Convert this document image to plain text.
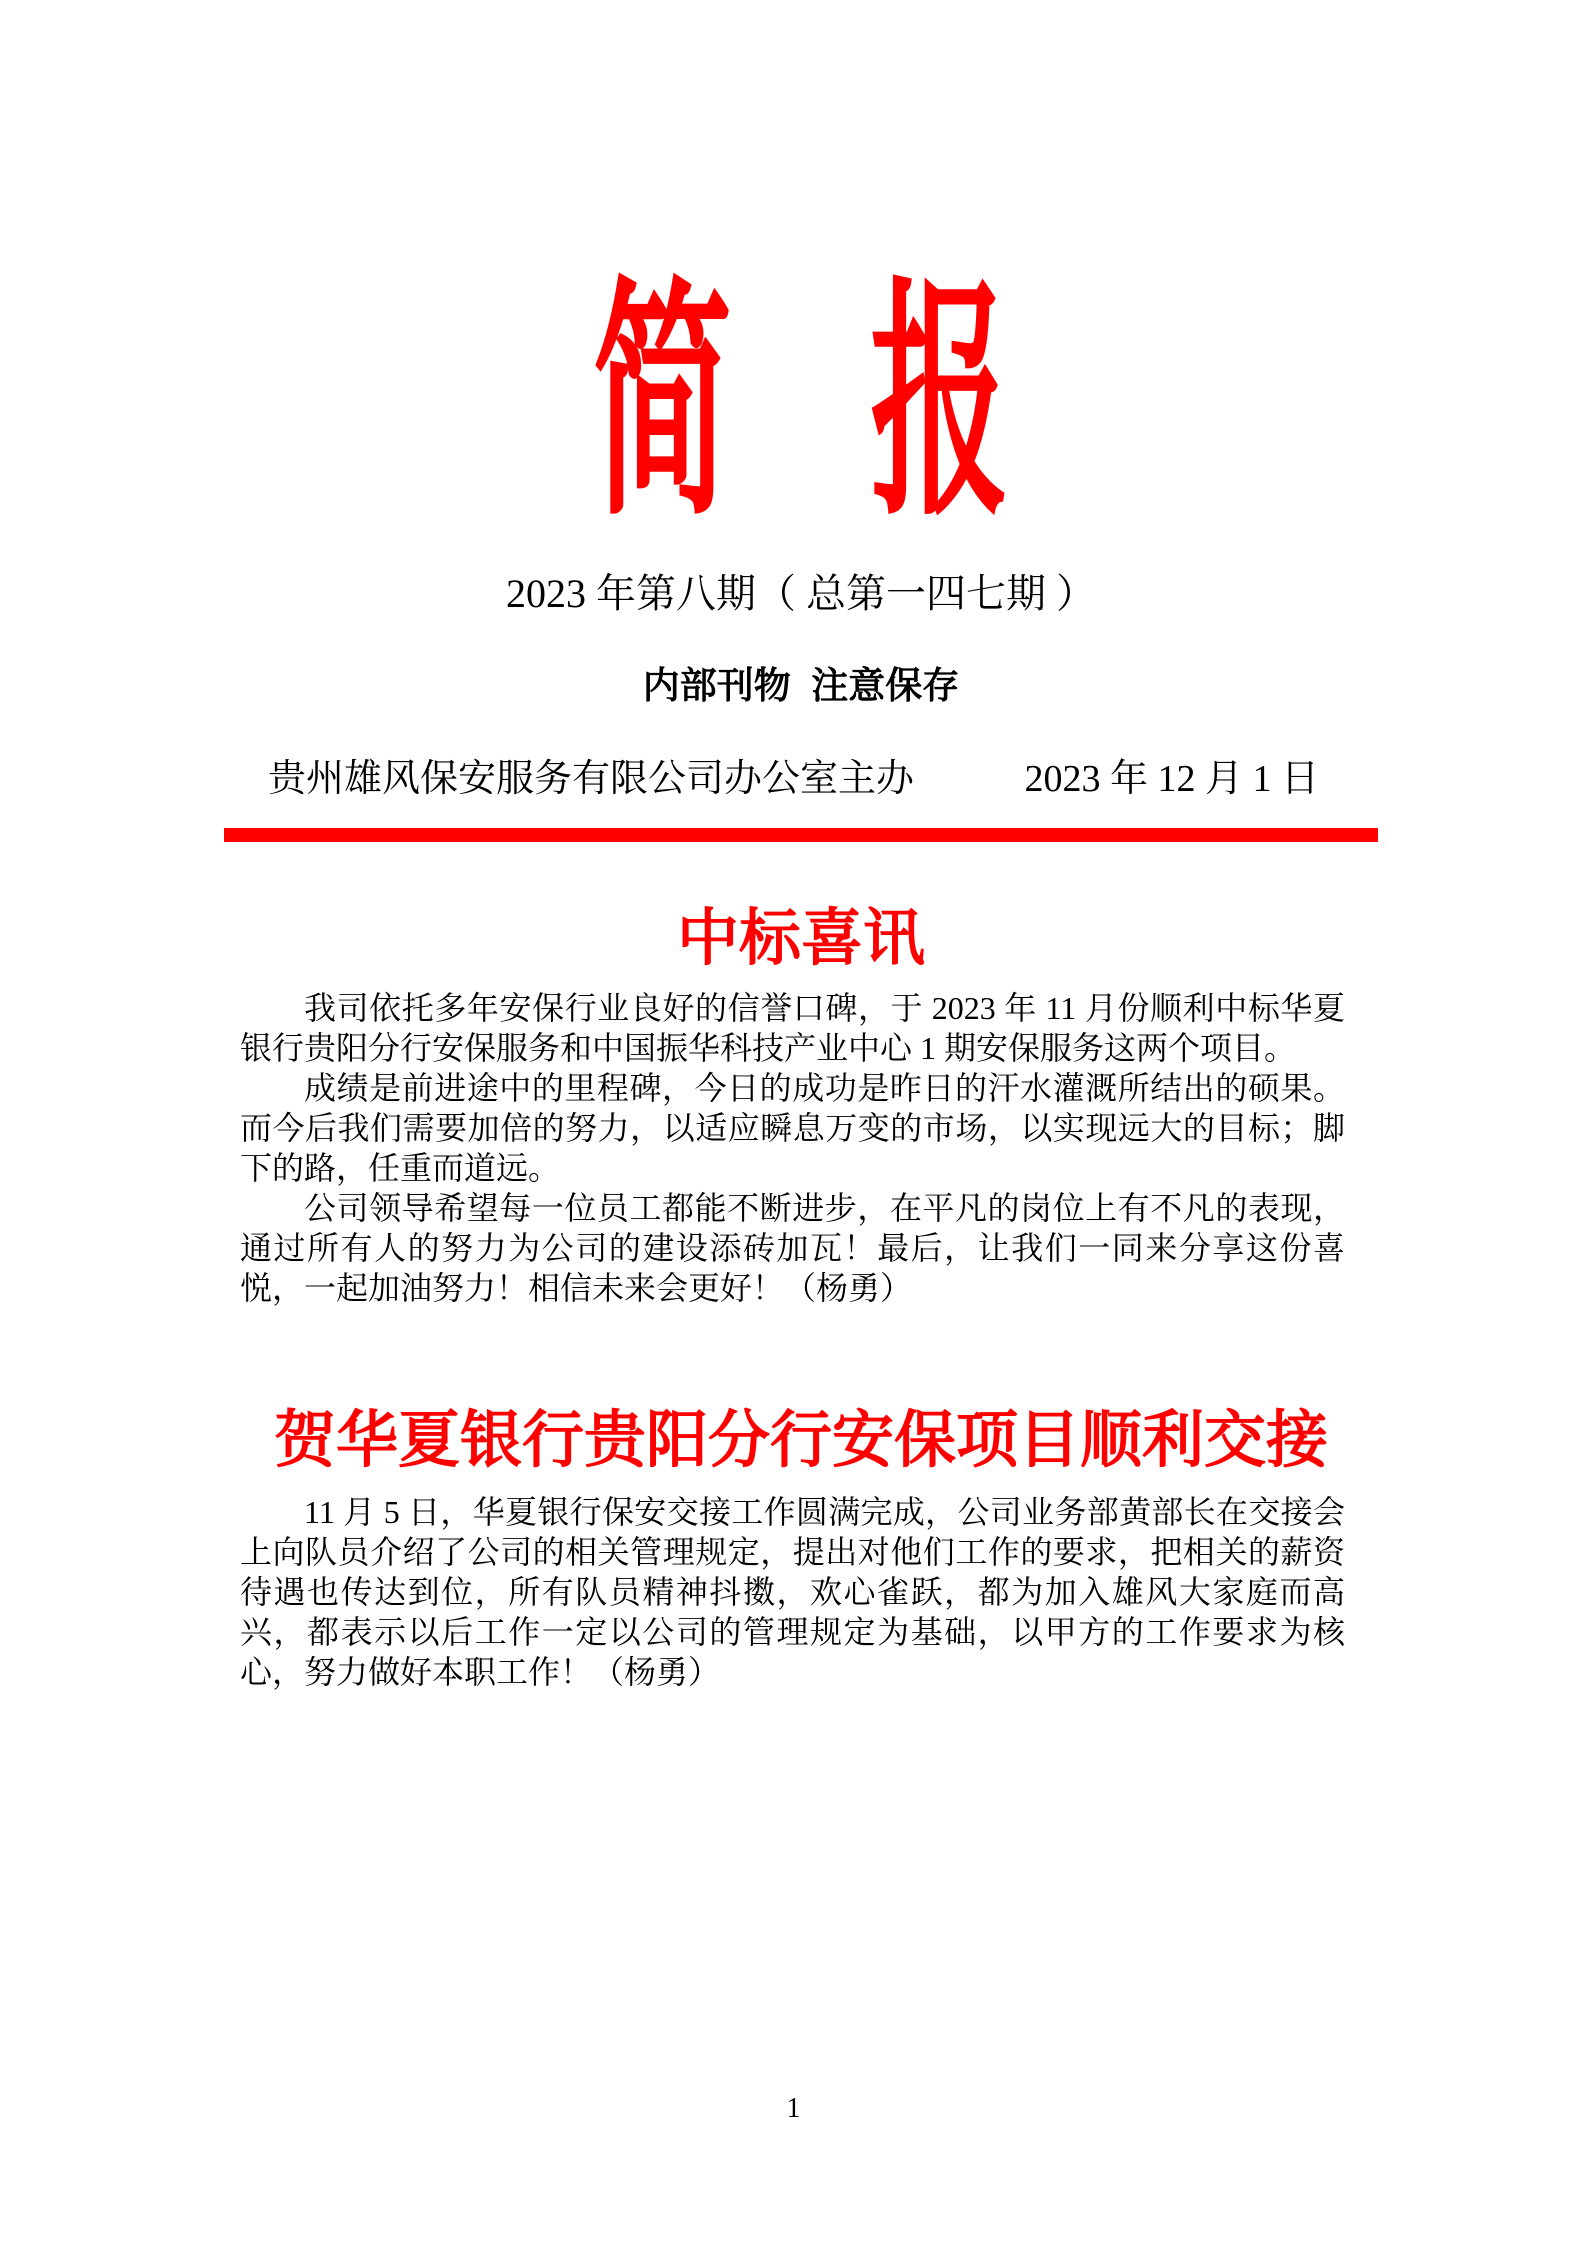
简　报
2023 年第八期（ 总第一四七期 ）
内部刊物  注意保存
贵州雄风保安服务有限公司办公室主办	2023 年 12 月 1 日
中标喜讯

我司依托多年安保行业良好的信誉口碑，于 2023 年 11 月份顺利中标华夏银行贵阳分行安保服务和中国振华科技产业中心 1 期安保服务这两个项目。

成绩是前进途中的里程碑，今日的成功是昨日的汗水灌溉所结出的硕果。而今后我们需要加倍的努力，以适应瞬息万变的市场，以实现远大的目标；脚下的路，任重而道远。

公司领导希望每一位员工都能不断进步，在平凡的岗位上有不凡的表现，通过所有人的努力为公司的建设添砖加瓦！最后，让我们一同来分享这份喜悦，一起加油努力！相信未来会更好！（杨勇）

贺华夏银行贵阳分行安保项目顺利交接

11 月 5 日，华夏银行保安交接工作圆满完成，公司业务部黄部长在交接会上向队员介绍了公司的相关管理规定，提出对他们工作的要求，把相关的薪资待遇也传达到位，所有队员精神抖擞，欢心雀跃，都为加入雄风大家庭而高兴，都表示以后工作一定以公司的管理规定为基础，以甲方的工作要求为核心，努力做好本职工作！（杨勇）

1
